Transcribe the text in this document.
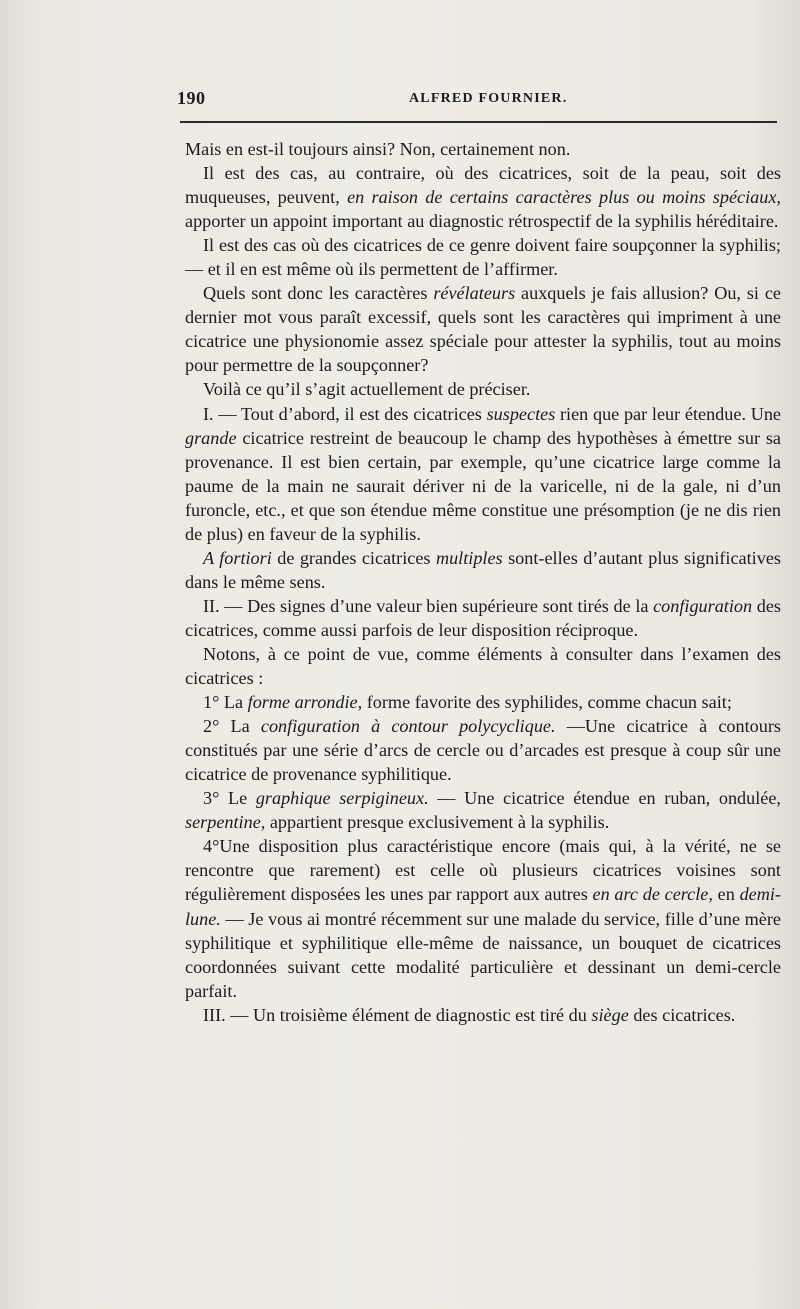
190	ALFRED FOURNIER.

Mais en est-il toujours ainsi? Non, certainement non.

Il est des cas, au contraire, où des cicatrices, soit de la peau, soit des muqueuses, peuvent, en raison de certains caractères plus ou moins spéciaux, apporter un appoint important au diagnostic rétrospectif de la syphilis héréditaire.

Il est des cas où des cicatrices de ce genre doivent faire soupçonner la syphilis; — et il en est même où ils permettent de l’affirmer.

Quels sont donc les caractères révélateurs auxquels je fais allusion? Ou, si ce dernier mot vous paraît excessif, quels sont les caractères qui impriment à une cicatrice une physionomie assez spéciale pour attester la syphilis, tout au moins pour permettre de la soupçonner?

Voilà ce qu’il s’agit actuellement de préciser.

I. — Tout d’abord, il est des cicatrices suspectes rien que par leur étendue. Une grande cicatrice restreint de beaucoup le champ des hypothèses à émettre sur sa provenance. Il est bien certain, par exemple, qu’une cicatrice large comme la paume de la main ne saurait dériver ni de la varicelle, ni de la gale, ni d’un furoncle, etc., et que son étendue même constitue une présomption (je ne dis rien de plus) en faveur de la syphilis.

A fortiori de grandes cicatrices multiples sont-elles d’autant plus significatives dans le même sens.

II. — Des signes d’une valeur bien supérieure sont tirés de la configuration des cicatrices, comme aussi parfois de leur disposition réciproque.

Notons, à ce point de vue, comme éléments à consulter dans l’examen des cicatrices :

1° La forme arrondie, forme favorite des syphilides, comme chacun sait;

2° La configuration à contour polycyclique. —Une cicatrice à contours constitués par une série d’arcs de cercle ou d’arcades est presque à coup sûr une cicatrice de provenance syphilitique.

3° Le graphique serpigineux. — Une cicatrice étendue en ruban, ondulée, serpentine, appartient presque exclusivement à la syphilis.

4°Une disposition plus caractéristique encore (mais qui, à la vérité, ne se rencontre que rarement) est celle où plusieurs cicatrices voisines sont régulièrement disposées les unes par rapport aux autres en arc de cercle, en demi-lune. — Je vous ai montré récemment sur une malade du service, fille d’une mère syphilitique et syphilitique elle-même de naissance, un bouquet de cicatrices coordonnées suivant cette modalité particulière et dessinant un demi-cercle parfait.

III. — Un troisième élément de diagnostic est tiré du siège des cicatrices.
